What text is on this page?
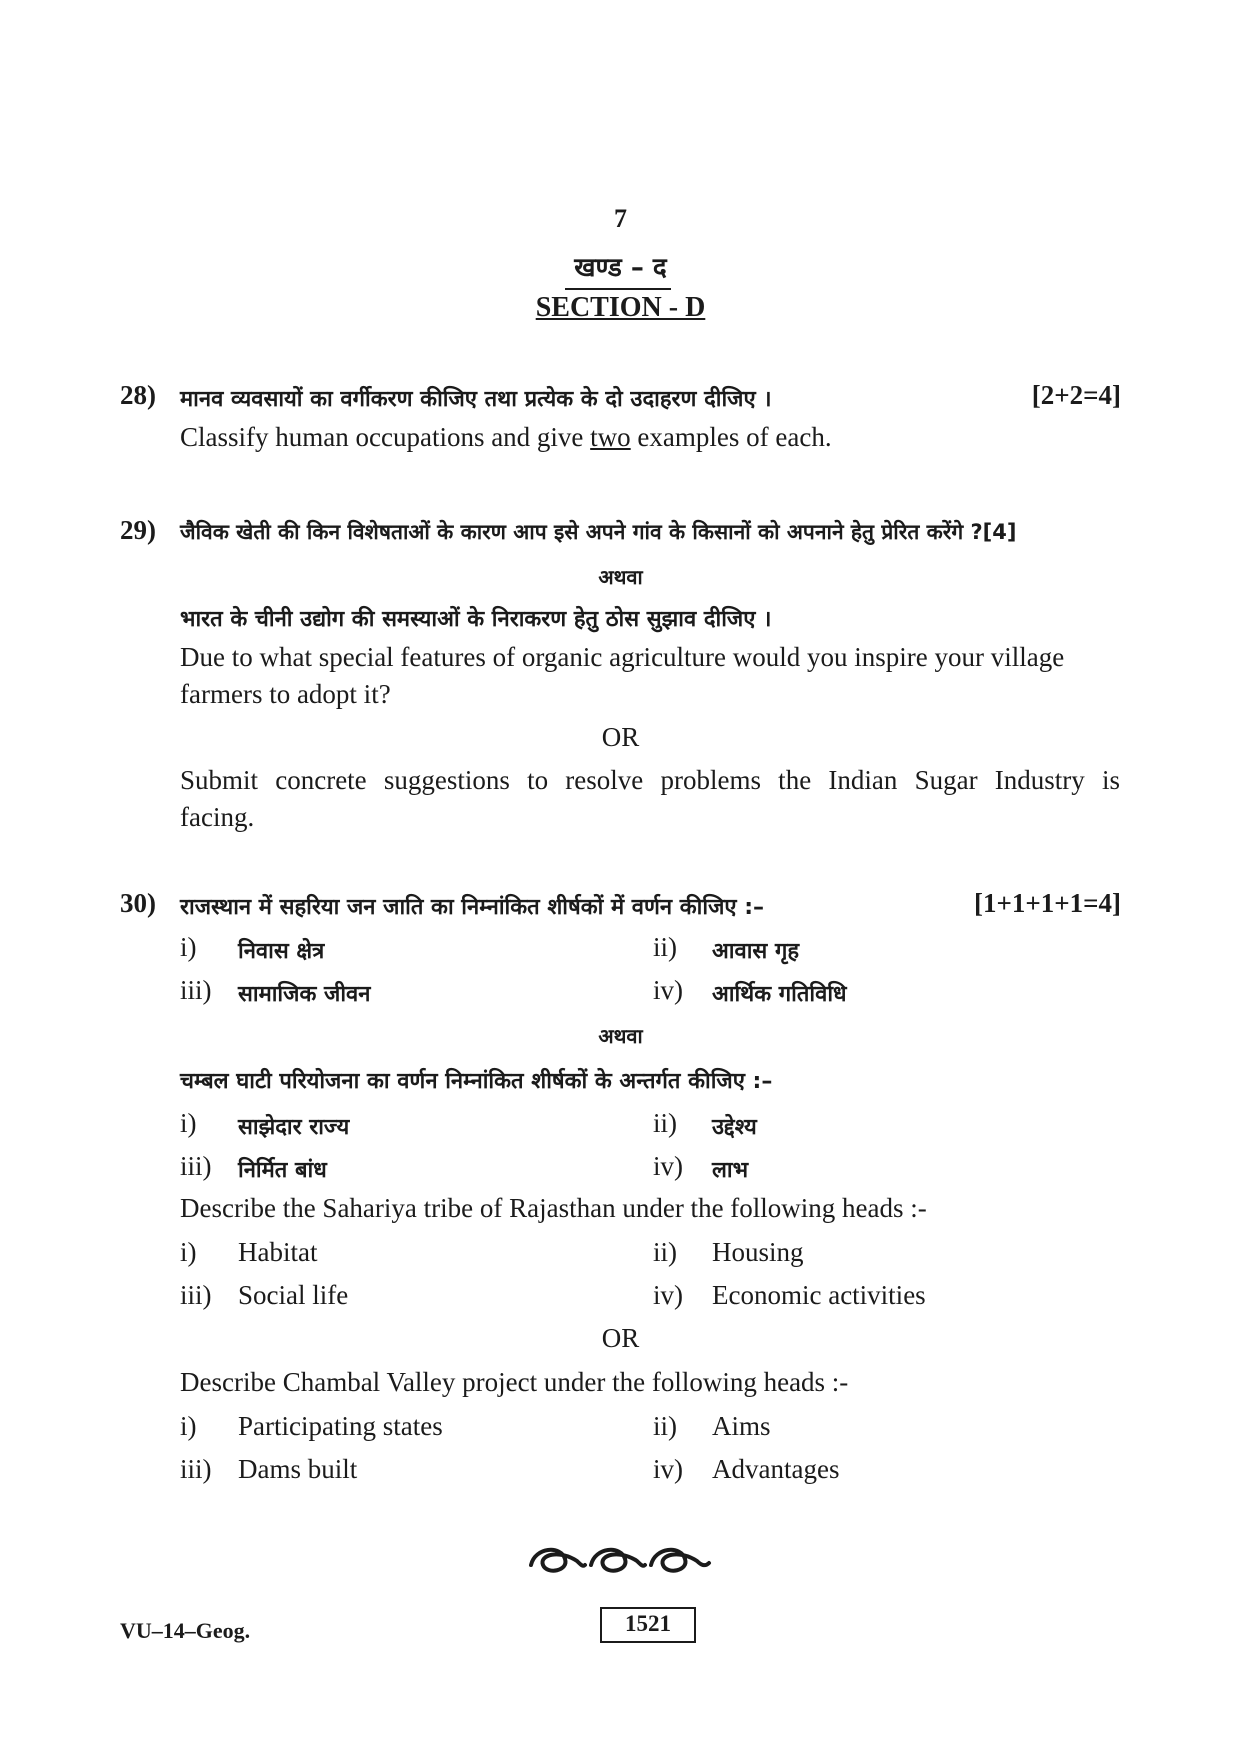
7
खण्ड – द
SECTION - D
28) मानव व्यवसायों का वर्गीकरण कीजिए तथा प्रत्येक के दो उदाहरण दीजिए ।	[2+2=4]
Classify human occupations and give two examples of each.
29) जैविक खेती की किन विशेषताओं के कारण आप इसे अपने गांव के किसानों को अपनाने हेतु प्रेरित करेंगे ?[4]
अथवा
भारत के चीनी उद्योग की समस्याओं के निराकरण हेतु ठोस सुझाव दीजिए ।
Due to what special features of organic agriculture would you inspire your village
farmers to adopt it?
OR
Submit concrete suggestions to resolve problems the Indian Sugar Industry is
facing.
30) राजस्थान में सहरिया जन जाति का निम्नांकित शीर्षकों में वर्णन कीजिए :–	[1+1+1+1=4]
i) निवास क्षेत्र	ii) आवास गृह
iii) सामाजिक जीवन	iv) आर्थिक गतिविधि
अथवा
चम्बल घाटी परियोजना का वर्णन निम्नांकित शीर्षकों के अन्तर्गत कीजिए :–
i) साझेदार राज्य	ii) उद्देश्य
iii) निर्मित बांध	iv) लाभ
Describe the Sahariya tribe of Rajasthan under the following heads :-
i) Habitat	ii) Housing
iii) Social life	iv) Economic activities
OR
Describe Chambal Valley project under the following heads :-
i) Participating states	ii) Aims
iii) Dams built	iv) Advantages
VU–14–Geog.	1521
